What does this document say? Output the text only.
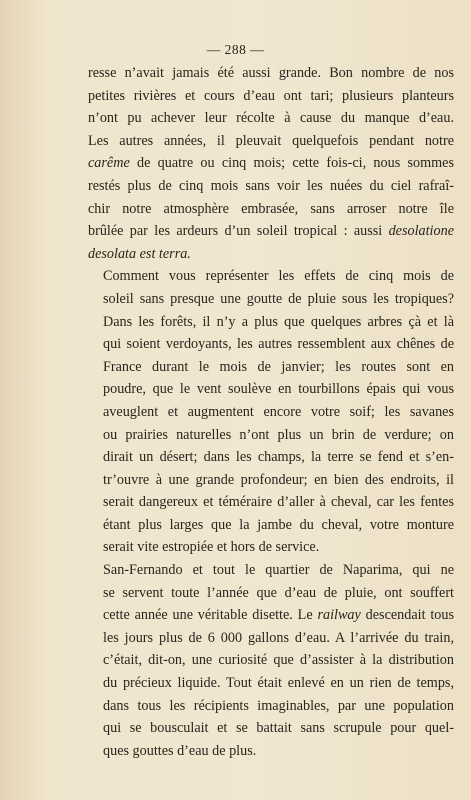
— 288 —

resse n’avait jamais été aussi grande. Bon nombre de nos
petites rivières et cours d’eau ont tari; plusieurs planteurs
n’ont pu achever leur récolte à cause du manque d’eau.
Les autres années, il pleuvait quelquefois pendant notre
carême de quatre ou cinq mois; cette fois-ci, nous sommes
restés plus de cinq mois sans voir les nuées du ciel rafraî-
chir notre atmosphère embrasée, sans arroser notre île
brûlée par les ardeurs d’un soleil tropical : aussi desolatione
desolata est terra.

Comment vous représenter les effets de cinq mois de
soleil sans presque une goutte de pluie sous les tropiques?
Dans les forêts, il n’y a plus que quelques arbres çà et là
qui soient verdoyants, les autres ressemblent aux chênes de
France durant le mois de janvier; les routes sont en
poudre, que le vent soulève en tourbillons épais qui vous
aveuglent et augmentent encore votre soif; les savanes
ou prairies naturelles n’ont plus un brin de verdure; on
dirait un désert; dans les champs, la terre se fend et s’en-
tr’ouvre à une grande profondeur; en bien des endroits, il
serait dangereux et téméraire d’aller à cheval, car les fentes
étant plus larges que la jambe du cheval, votre monture
serait vite estropiée et hors de service.

San-Fernando et tout le quartier de Naparima, qui ne
se servent toute l’année que d’eau de pluie, ont souffert
cette année une véritable disette. Le railway descendait tous
les jours plus de 6 000 gallons d’eau. A l’arrivée du train,
c’était, dit-on, une curiosité que d’assister à la distribution
du précieux liquide. Tout était enlevé en un rien de temps,
dans tous les récipients imaginables, par une population
qui se bousculait et se battait sans scrupule pour quel-
ques gouttes d’eau de plus.
